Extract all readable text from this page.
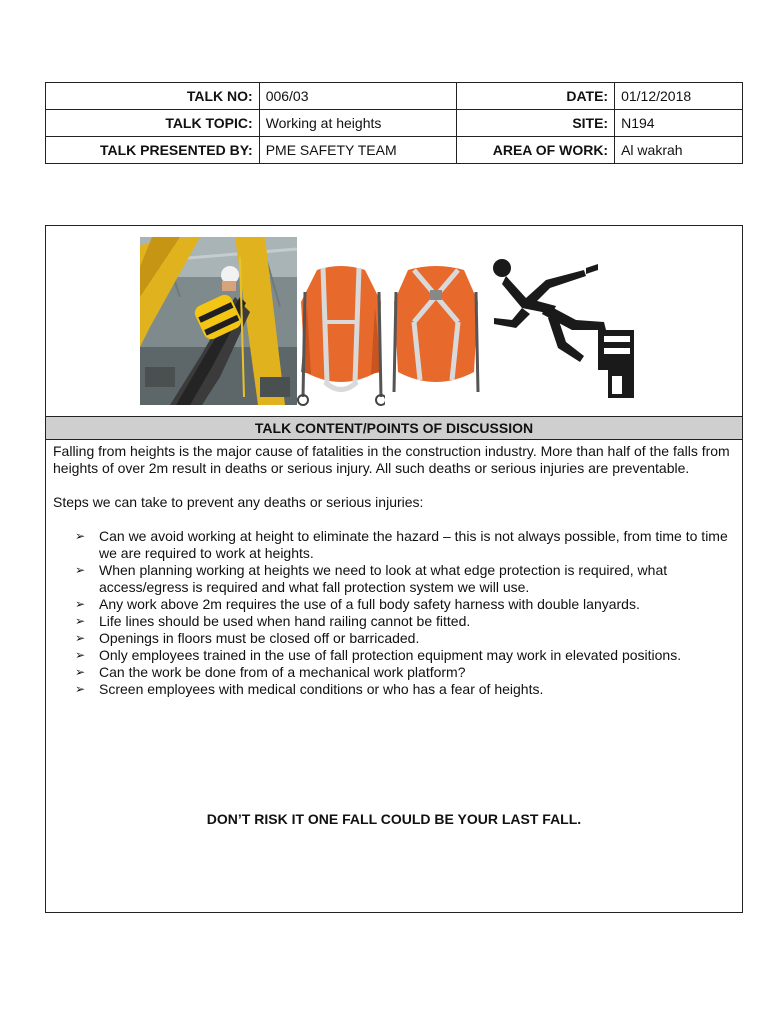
TALK NO:	006/03	DATE:	01/12/2018
TALK TOPIC:	Working at heights	SITE:	N194
TALK PRESENTED BY:	PME SAFETY TEAM	AREA OF WORK:	Al wakrah
TALK CONTENT/POINTS OF DISCUSSION

Falling from heights is the major cause of fatalities in the construction industry. More than half of the falls from heights of over 2m result in deaths or serious injury. All such deaths or serious injuries are preventable.

Steps we can take to prevent any deaths or serious injuries:

➢ Can we avoid working at height to eliminate the hazard – this is not always possible, from time to time we are required to work at heights.
➢ When planning working at heights we need to look at what edge protection is required, what access/egress is required and what fall protection system we will use.
➢ Any work above 2m requires the use of a full body safety harness with double lanyards.
➢ Life lines should be used when hand railing cannot be fitted.
➢ Openings in floors must be closed off or barricaded.
➢ Only employees trained in the use of fall protection equipment may work in elevated positions.
➢ Can the work be done from of a mechanical work platform?
➢ Screen employees with medical conditions or who has a fear of heights.
DON’T RISK IT ONE FALL COULD BE YOUR LAST FALL.
